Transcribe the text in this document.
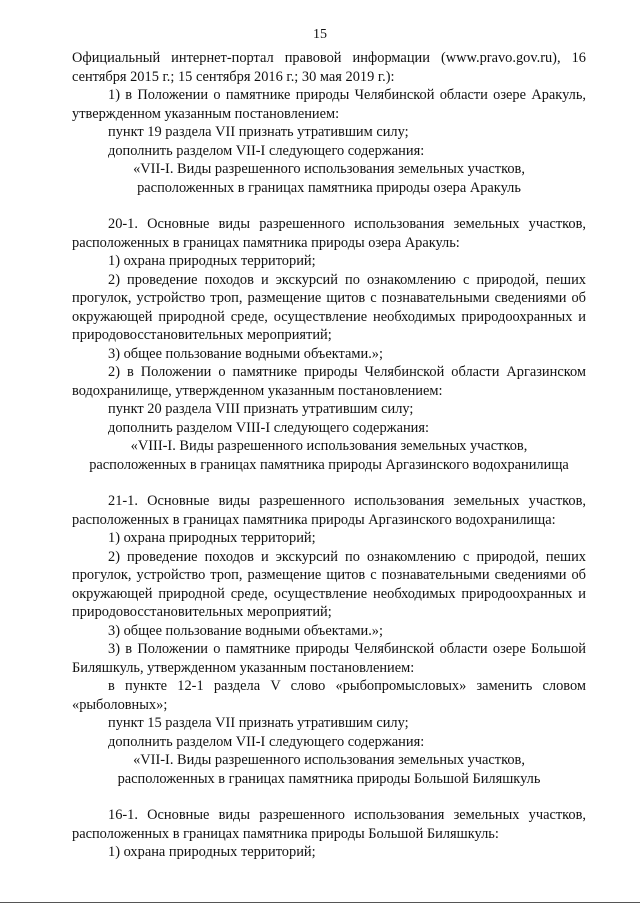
15

Официальный интернет-портал правовой информации (www.pravo.gov.ru), 16 сентября 2015 г.; 15 сентября 2016 г.; 30 мая 2019 г.):

1) в Положении о памятнике природы Челябинской области озере Аракуль, утвержденном указанным постановлением:

пункт 19 раздела VII признать утратившим силу;

дополнить разделом VII-I следующего содержания:

«VII-I. Виды разрешенного использования земельных участков,

расположенных в границах памятника природы озера Аракуль

20-1. Основные виды разрешенного использования земельных участков, расположенных в границах памятника природы озера Аракуль:

1) охрана природных территорий;

2) проведение походов и экскурсий по ознакомлению с природой, пеших прогулок, устройство троп, размещение щитов с познавательными сведениями об окружающей природной среде, осуществление необходимых природоохранных и природовосстановительных мероприятий;

3) общее пользование водными объектами.»;

2) в Положении о памятнике природы Челябинской области Аргазинском водохранилище, утвержденном указанным постановлением:

пункт 20 раздела VIII признать утратившим силу;

дополнить разделом VIII-I следующего содержания:

«VIII-I. Виды разрешенного использования земельных участков,

расположенных в границах памятника природы Аргазинского водохранилища

21-1. Основные виды разрешенного использования земельных участков, расположенных в границах памятника природы Аргазинского водохранилища:

1) охрана природных территорий;

2) проведение походов и экскурсий по ознакомлению с природой, пеших прогулок, устройство троп, размещение щитов с познавательными сведениями об окружающей природной среде, осуществление необходимых природоохранных и природовосстановительных мероприятий;

3) общее пользование водными объектами.»;

3) в Положении о памятнике природы Челябинской области озере Большой Биляшкуль, утвержденном указанным постановлением:

в пункте 12-1 раздела V слово «рыбопромысловых» заменить словом «рыболовных»;

пункт 15 раздела VII признать утратившим силу;

дополнить разделом VII-I следующего содержания:

«VII-I. Виды разрешенного использования земельных участков,

расположенных в границах памятника природы Большой Биляшкуль

16-1. Основные виды разрешенного использования земельных участков, расположенных в границах памятника природы Большой Биляшкуль:

1) охрана природных территорий;
